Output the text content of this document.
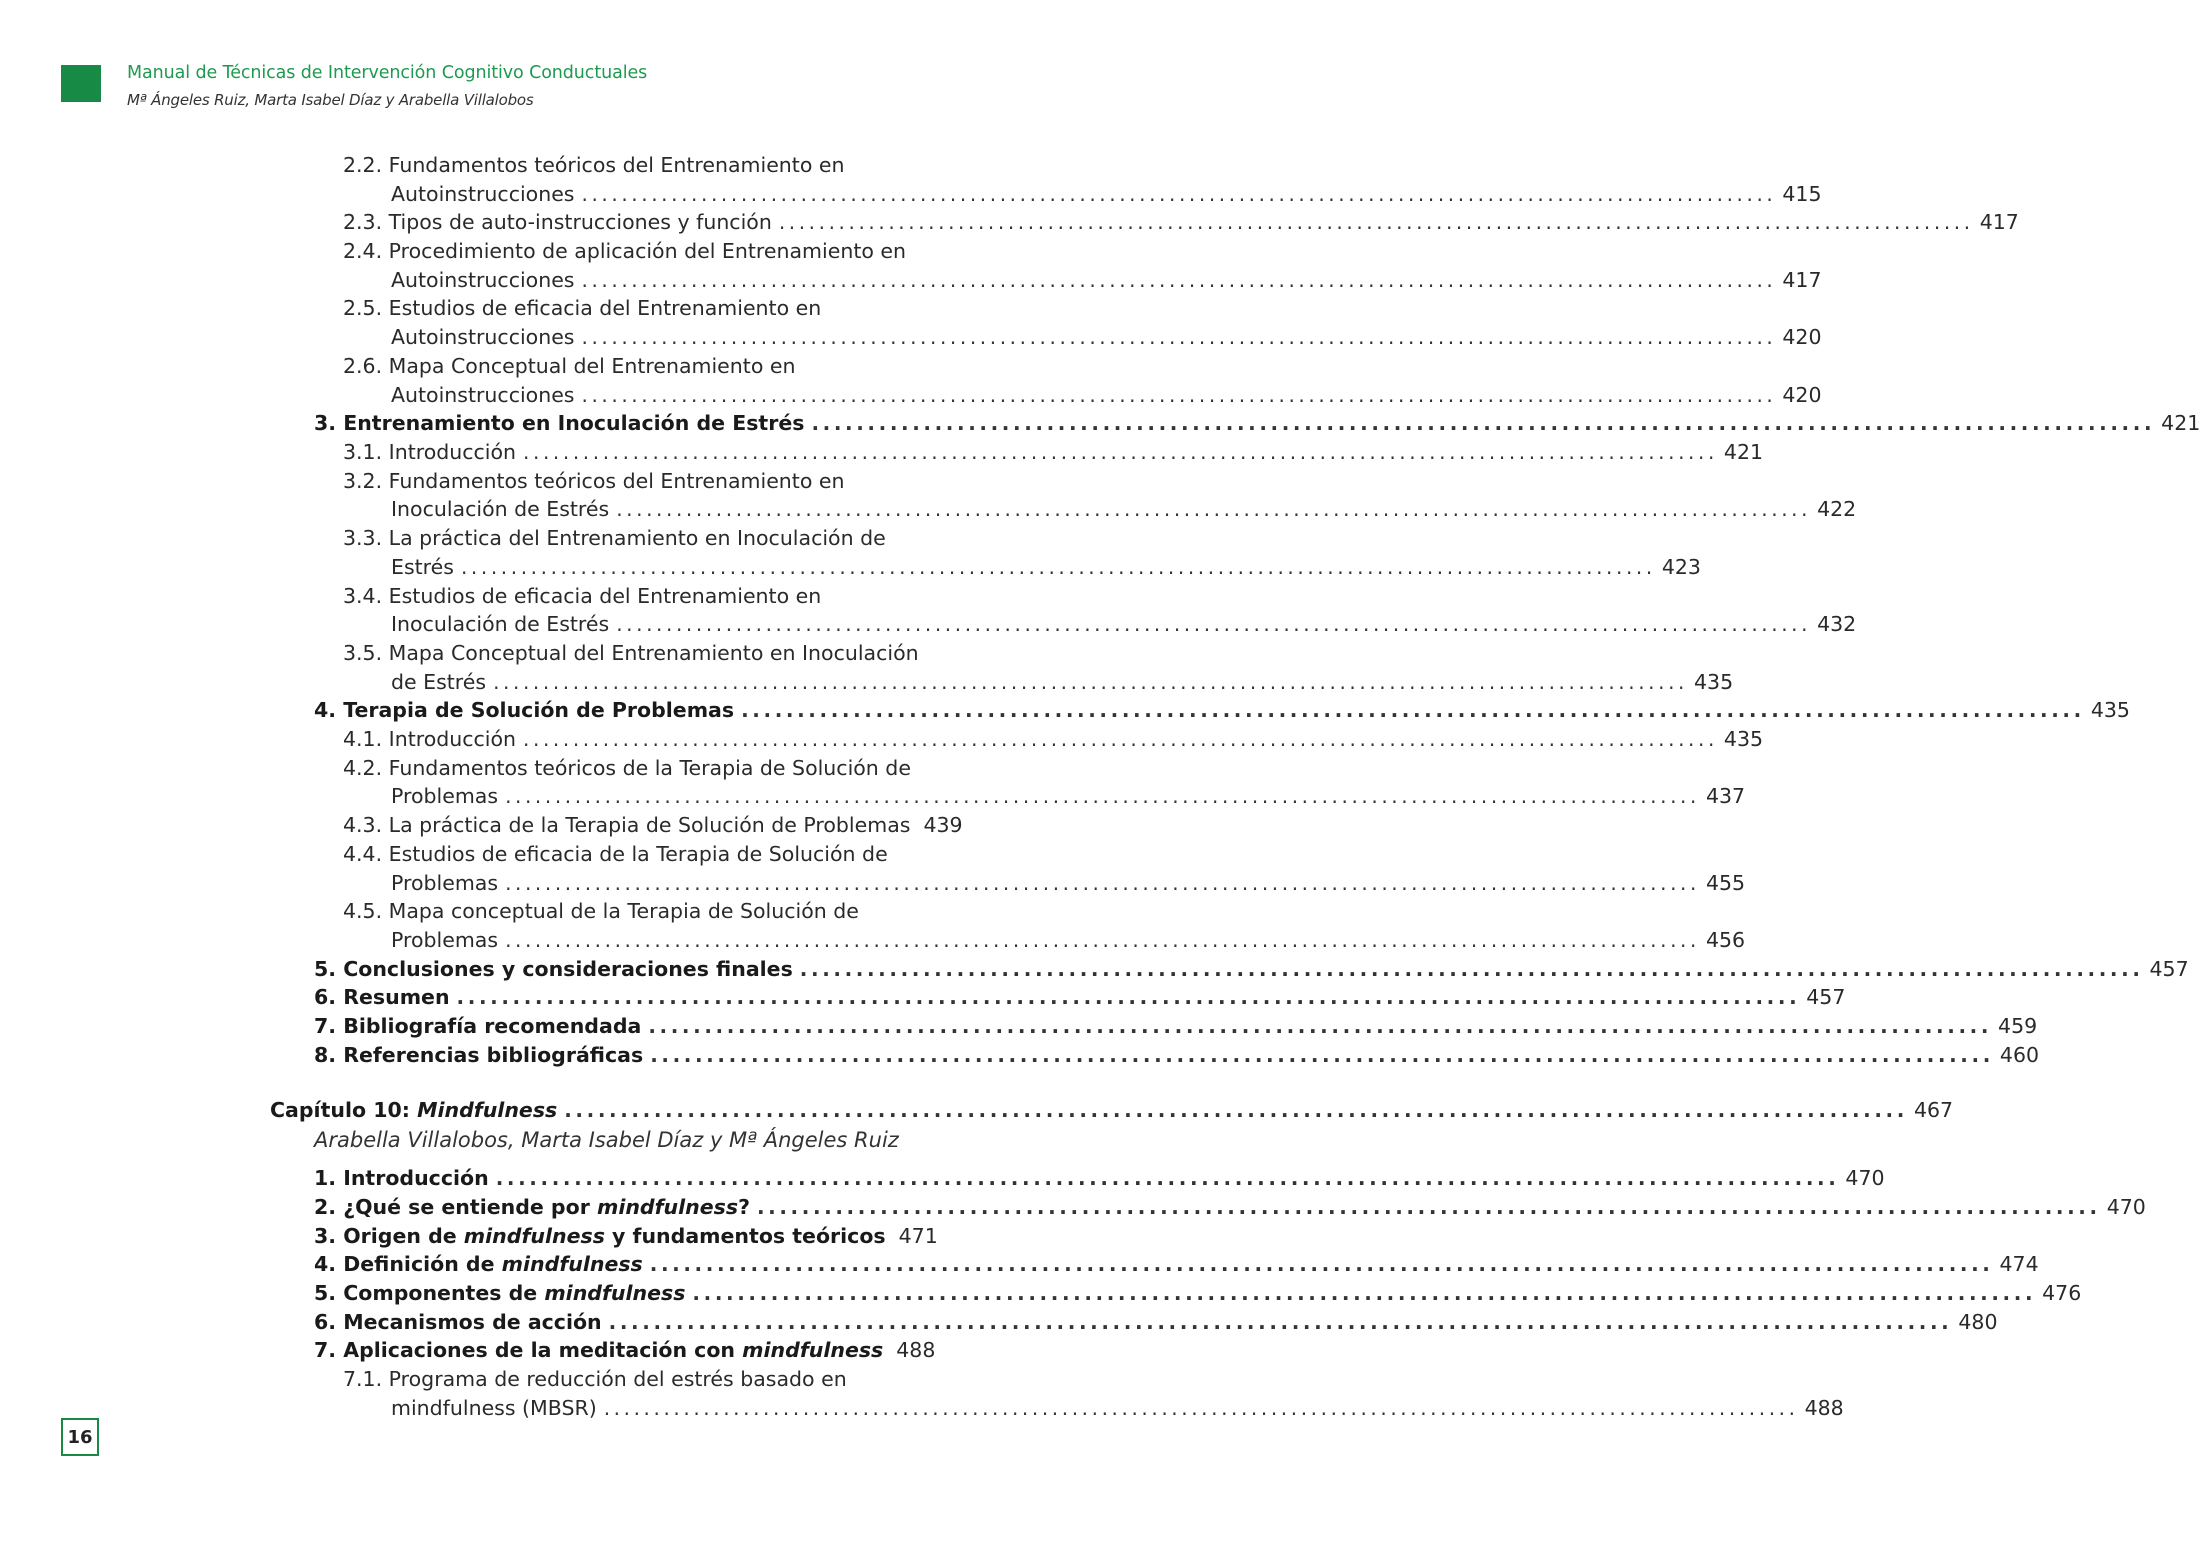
Manual de Técnicas de Intervención Cognitivo Conductuales
Mª Ángeles Ruiz, Marta Isabel Díaz y Arabella Villalobos
2.2. Fundamentos teóricos del Entrenamiento en
Autoinstrucciones ........................................................................................................................ 415
2.3. Tipos de auto-instrucciones y función ........................................................................................................................ 417
2.4. Procedimiento de aplicación del Entrenamiento en
Autoinstrucciones ........................................................................................................................ 417
2.5. Estudios de eficacia del Entrenamiento en
Autoinstrucciones ........................................................................................................................ 420
2.6. Mapa Conceptual del Entrenamiento en
Autoinstrucciones ........................................................................................................................ 420
3. Entrenamiento en Inoculación de Estrés ........................................................................................................................ 421
3.1. Introducción ........................................................................................................................ 421
3.2. Fundamentos teóricos del Entrenamiento en
Inoculación de Estrés ........................................................................................................................ 422
3.3. La práctica del Entrenamiento en Inoculación de
Estrés ........................................................................................................................ 423
3.4. Estudios de eficacia del Entrenamiento en
Inoculación de Estrés ........................................................................................................................ 432
3.5. Mapa Conceptual del Entrenamiento en Inoculación
de Estrés ........................................................................................................................ 435
4. Terapia de Solución de Problemas ........................................................................................................................ 435
4.1. Introducción ........................................................................................................................ 435
4.2. Fundamentos teóricos de la Terapia de Solución de
Problemas ........................................................................................................................ 437
4.3. La práctica de la Terapia de Solución de Problemas 439
4.4. Estudios de eficacia de la Terapia de Solución de
Problemas ........................................................................................................................ 455
4.5. Mapa conceptual de la Terapia de Solución de
Problemas ........................................................................................................................ 456
5. Conclusiones y consideraciones finales ........................................................................................................................ 457
6. Resumen ........................................................................................................................ 457
7. Bibliografía recomendada ........................................................................................................................ 459
8. Referencias bibliográficas ........................................................................................................................ 460
Capítulo 10: Mindfulness ........................................................................................................................ 467
1. Introducción ........................................................................................................................ 470
2. ¿Qué se entiende por mindfulness? ........................................................................................................................ 470
3. Origen de mindfulness y fundamentos teóricos 471
4. Definición de mindfulness ........................................................................................................................ 474
5. Componentes de mindfulness ........................................................................................................................ 476
6. Mecanismos de acción ........................................................................................................................ 480
7. Aplicaciones de la meditación con mindfulness 488
7.1. Programa de reducción del estrés basado en
mindfulness (MBSR) ........................................................................................................................ 488
Arabella Villalobos, Marta Isabel Díaz y Mª Ángeles Ruiz
16
